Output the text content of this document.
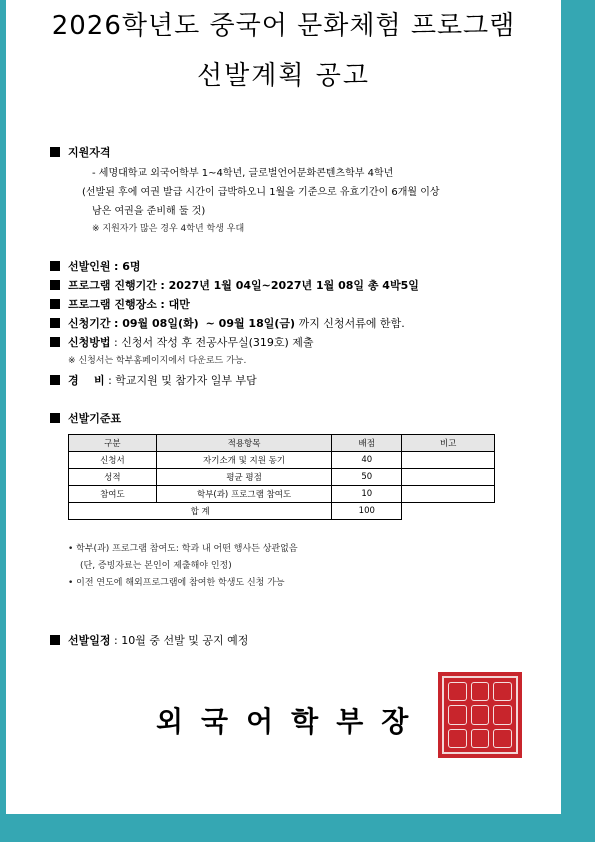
2026학년도 중국어 문화체험 프로그램
선발계획 공고
지원자격
- 세명대학교 외국어학부 1~4학년, 글로벌언어문화콘텐츠학부 4학년
(선발된 후에 여권 발급 시간이 급박하오니 1월을 기준으로 유효기간이 6개월 이상
남은 여권을 준비해 둘 것)
※ 지원자가 많은 경우 4학년 학생 우대
선발인원 : 6명
프로그램 진행기간 : 2027년 1월 04일~2027년 1월 08일 총 4박5일
프로그램 진행장소 : 대만
신청기간 : 09월 08일(화) ~ 09월 18일(금) 까지 신청서류에 한함.
신청방법 : 신청서 작성 후 전공사무실(319호) 제출
※ 신청서는 학부홈페이지에서 다운로드 가능.
경    비 : 학교지원 및 참가자 일부 부담
선발기준표
구분	적용항목	배점	비고
신청서	자기소개 및 지원 동기	40	
성적	평균 평점	50	
참여도	학부(과) 프로그램 참여도	10	
합 계		100	
• 학부(과) 프로그램 참여도: 학과 내 어떤 행사든 상관없음
(단, 증빙자료는 본인이 제출해야 인정)
• 이전 연도에 해외프로그램에 참여한 학생도 신청 가능
선발일정 : 10월 중 선발 및 공지 예정
외국어학부장
